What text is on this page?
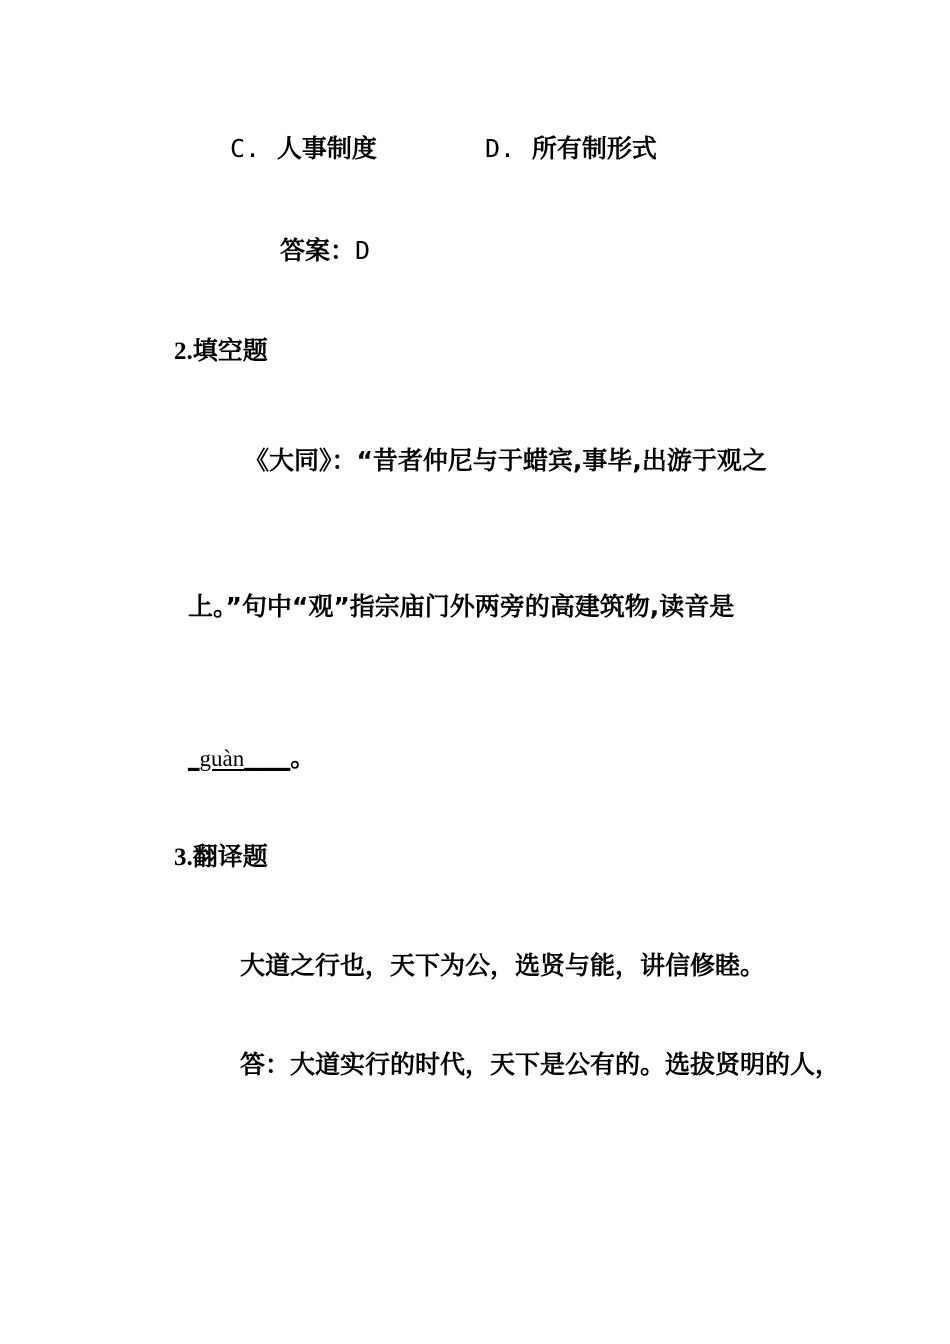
C. 人事制度	D. 所有制形式
答案：D
2.填空题
《大同》：“昔者仲尼与于蜡宾,事毕,出游于观之
上。”句中“观”指宗庙门外两旁的高建筑物,读音是
_guàn____。
3.翻译题
大道之行也，天下为公，选贤与能，讲信修睦。
答：大道实行的时代，天下是公有的。选拔贤明的人，
